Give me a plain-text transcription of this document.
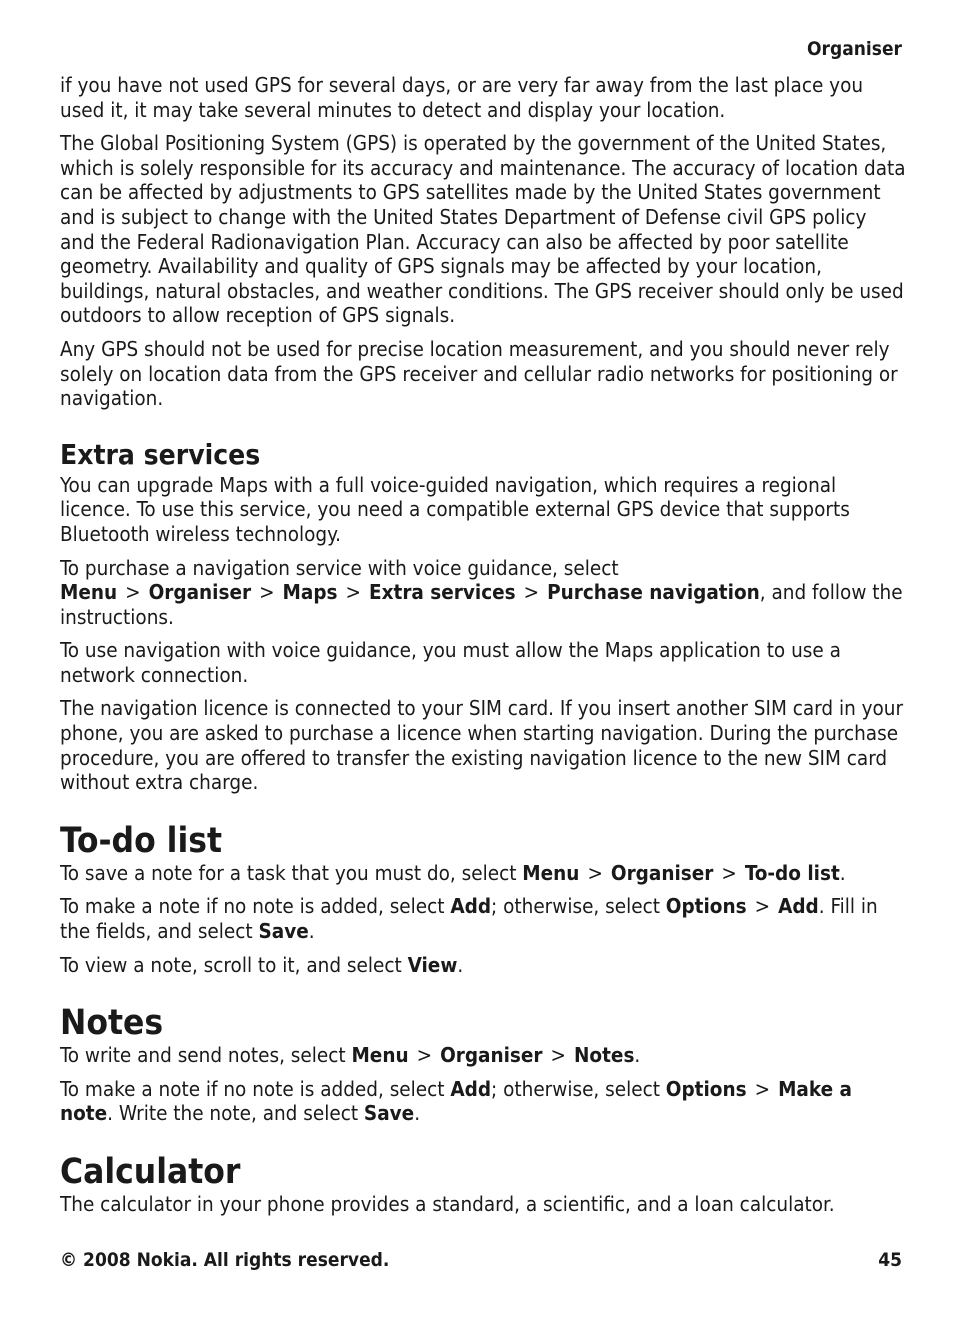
Organiser

if you have not used GPS for several days, or are very far away from the last place you used it, it may take several minutes to detect and display your location.

The Global Positioning System (GPS) is operated by the government of the United States, which is solely responsible for its accuracy and maintenance. The accuracy of location data can be affected by adjustments to GPS satellites made by the United States government and is subject to change with the United States Department of Defense civil GPS policy and the Federal Radionavigation Plan. Accuracy can also be affected by poor satellite geometry. Availability and quality of GPS signals may be affected by your location, buildings, natural obstacles, and weather conditions. The GPS receiver should only be used outdoors to allow reception of GPS signals.

Any GPS should not be used for precise location measurement, and you should never rely solely on location data from the GPS receiver and cellular radio networks for positioning or navigation.

Extra services

You can upgrade Maps with a full voice-guided navigation, which requires a regional licence. To use this service, you need a compatible external GPS device that supports Bluetooth wireless technology.

To purchase a navigation service with voice guidance, select Menu > Organiser > Maps > Extra services > Purchase navigation, and follow the instructions.

To use navigation with voice guidance, you must allow the Maps application to use a network connection.

The navigation licence is connected to your SIM card. If you insert another SIM card in your phone, you are asked to purchase a licence when starting navigation. During the purchase procedure, you are offered to transfer the existing navigation licence to the new SIM card without extra charge.

To-do list

To save a note for a task that you must do, select Menu > Organiser > To-do list.

To make a note if no note is added, select Add; otherwise, select Options > Add. Fill in the fields, and select Save.

To view a note, scroll to it, and select View.

Notes

To write and send notes, select Menu > Organiser > Notes.

To make a note if no note is added, select Add; otherwise, select Options > Make a note. Write the note, and select Save.

Calculator

The calculator in your phone provides a standard, a scientific, and a loan calculator.

© 2008 Nokia. All rights reserved.	45
